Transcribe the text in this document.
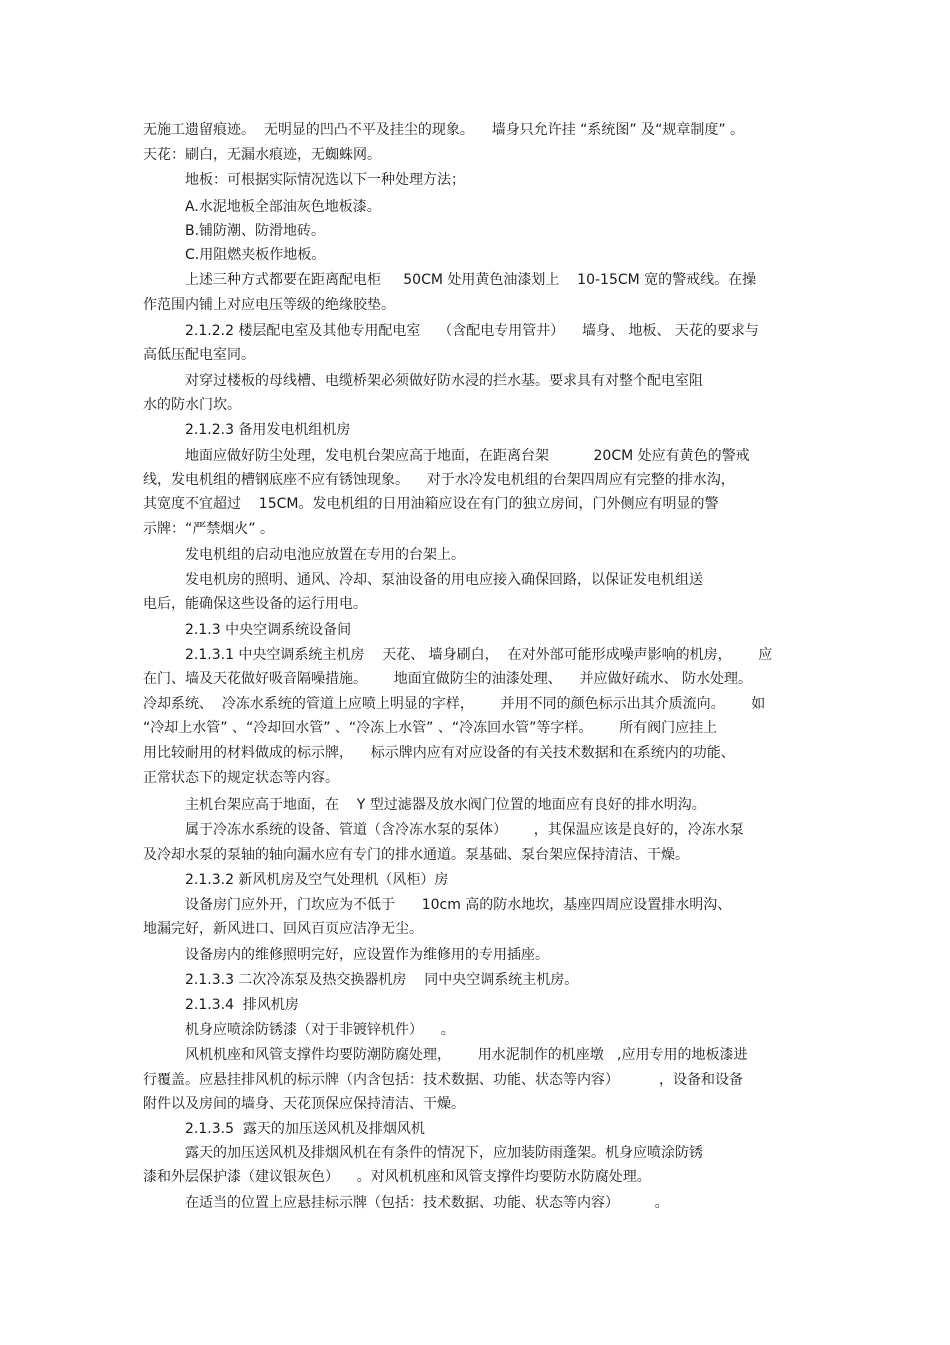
无施工遗留痕迹。  无明显的凹凸不平及挂尘的现象。    墙身只允许挂 “系统图” 及“规章制度” 。
天花：刷白，无漏水痕迹，无蜘蛛网。
地板：可根据实际情况选以下一种处理方法；
A.水泥地板全部油灰色地板漆。
B.铺防潮、防滑地砖。
C.用阻燃夹板作地板。
上述三种方式都要在距离配电柜     50CM 处用黄色油漆划上    10-15CM 宽的警戒线。在操
作范围内铺上对应电压等级的绝缘胶垫。
2.1.2.2 楼层配电室及其他专用配电室    （含配电专用管井）    墙身、 地板、 天花的要求与
高低压配电室同。
对穿过楼板的母线槽、电缆桥架必须做好防水浸的拦水基。要求具有对整个配电室阻
水的防水门坎。
2.1.2.3 备用发电机组机房
地面应做好防尘处理，发电机台架应高于地面，在距离台架          20CM 处应有黄色的警戒
线，发电机组的槽钢底座不应有锈蚀现象。    对于水冷发电机组的台架四周应有完整的排水沟，
其宽度不宜超过    15CM。发电机组的日用油箱应设在有门的独立房间，门外侧应有明显的警
示牌：“严禁烟火” 。
发电机组的启动电池应放置在专用的台架上。
发电机房的照明、通风、冷却、泵油设备的用电应接入确保回路，以保证发电机组送
电后，能确保这些设备的运行用电。
2.1.3 中央空调系统设备间
2.1.3.1 中央空调系统主机房    天花、 墙身刷白，  在对外部可能形成噪声影响的机房，      应
在门、墙及天花做好吸音隔噪措施。      地面宜做防尘的油漆处理、    并应做好疏水、 防水处理。
冷却系统、  冷冻水系统的管道上应喷上明显的字样，      并用不同的颜色标示出其介质流向。      如
“冷却上水管” 、“冷却回水管” 、“冷冻上水管” 、“冷冻回水管”等字样。      所有阀门应挂上
用比较耐用的材料做成的标示牌，    标示牌内应有对应设备的有关技术数据和在系统内的功能、
正常状态下的规定状态等内容。
主机台架应高于地面，在    Y 型过滤器及放水阀门位置的地面应有良好的排水明沟。
属于冷冻水系统的设备、管道（含冷冻水泵的泵体）      ，其保温应该是良好的，冷冻水泵
及冷却水泵的泵轴的轴向漏水应有专门的排水通道。泵基础、泵台架应保持清洁、干燥。
2.1.3.2 新风机房及空气处理机（风柜）房
设备房门应外开，门坎应为不低于      10cm 高的防水地坎，基座四周应设置排水明沟、
地漏完好，新风进口、回风百页应洁净无尘。
设备房内的维修照明完好，应设置作为维修用的专用插座。
2.1.3.3 二次冷冻泵及热交换器机房    同中央空调系统主机房。
2.1.3.4  排风机房
机身应喷涂防锈漆（对于非镀锌机件）    。
风机机座和风管支撑件均要防潮防腐处理，      用水泥制作的机座墩   ,应用专用的地板漆进
行覆盖。应悬挂排风机的标示牌（内含包括：技术数据、功能、状态等内容）         ，设备和设备
附件以及房间的墙身、天花顶保应保持清洁、干燥。
2.1.3.5  露天的加压送风机及排烟风机
露天的加压送风机及排烟风机在有条件的情况下，应加装防雨蓬架。机身应喷涂防锈
漆和外层保护漆（建议银灰色）    。对风机机座和风管支撑件均要防水防腐处理。
在适当的位置上应悬挂标示牌（包括：技术数据、功能、状态等内容）        。
